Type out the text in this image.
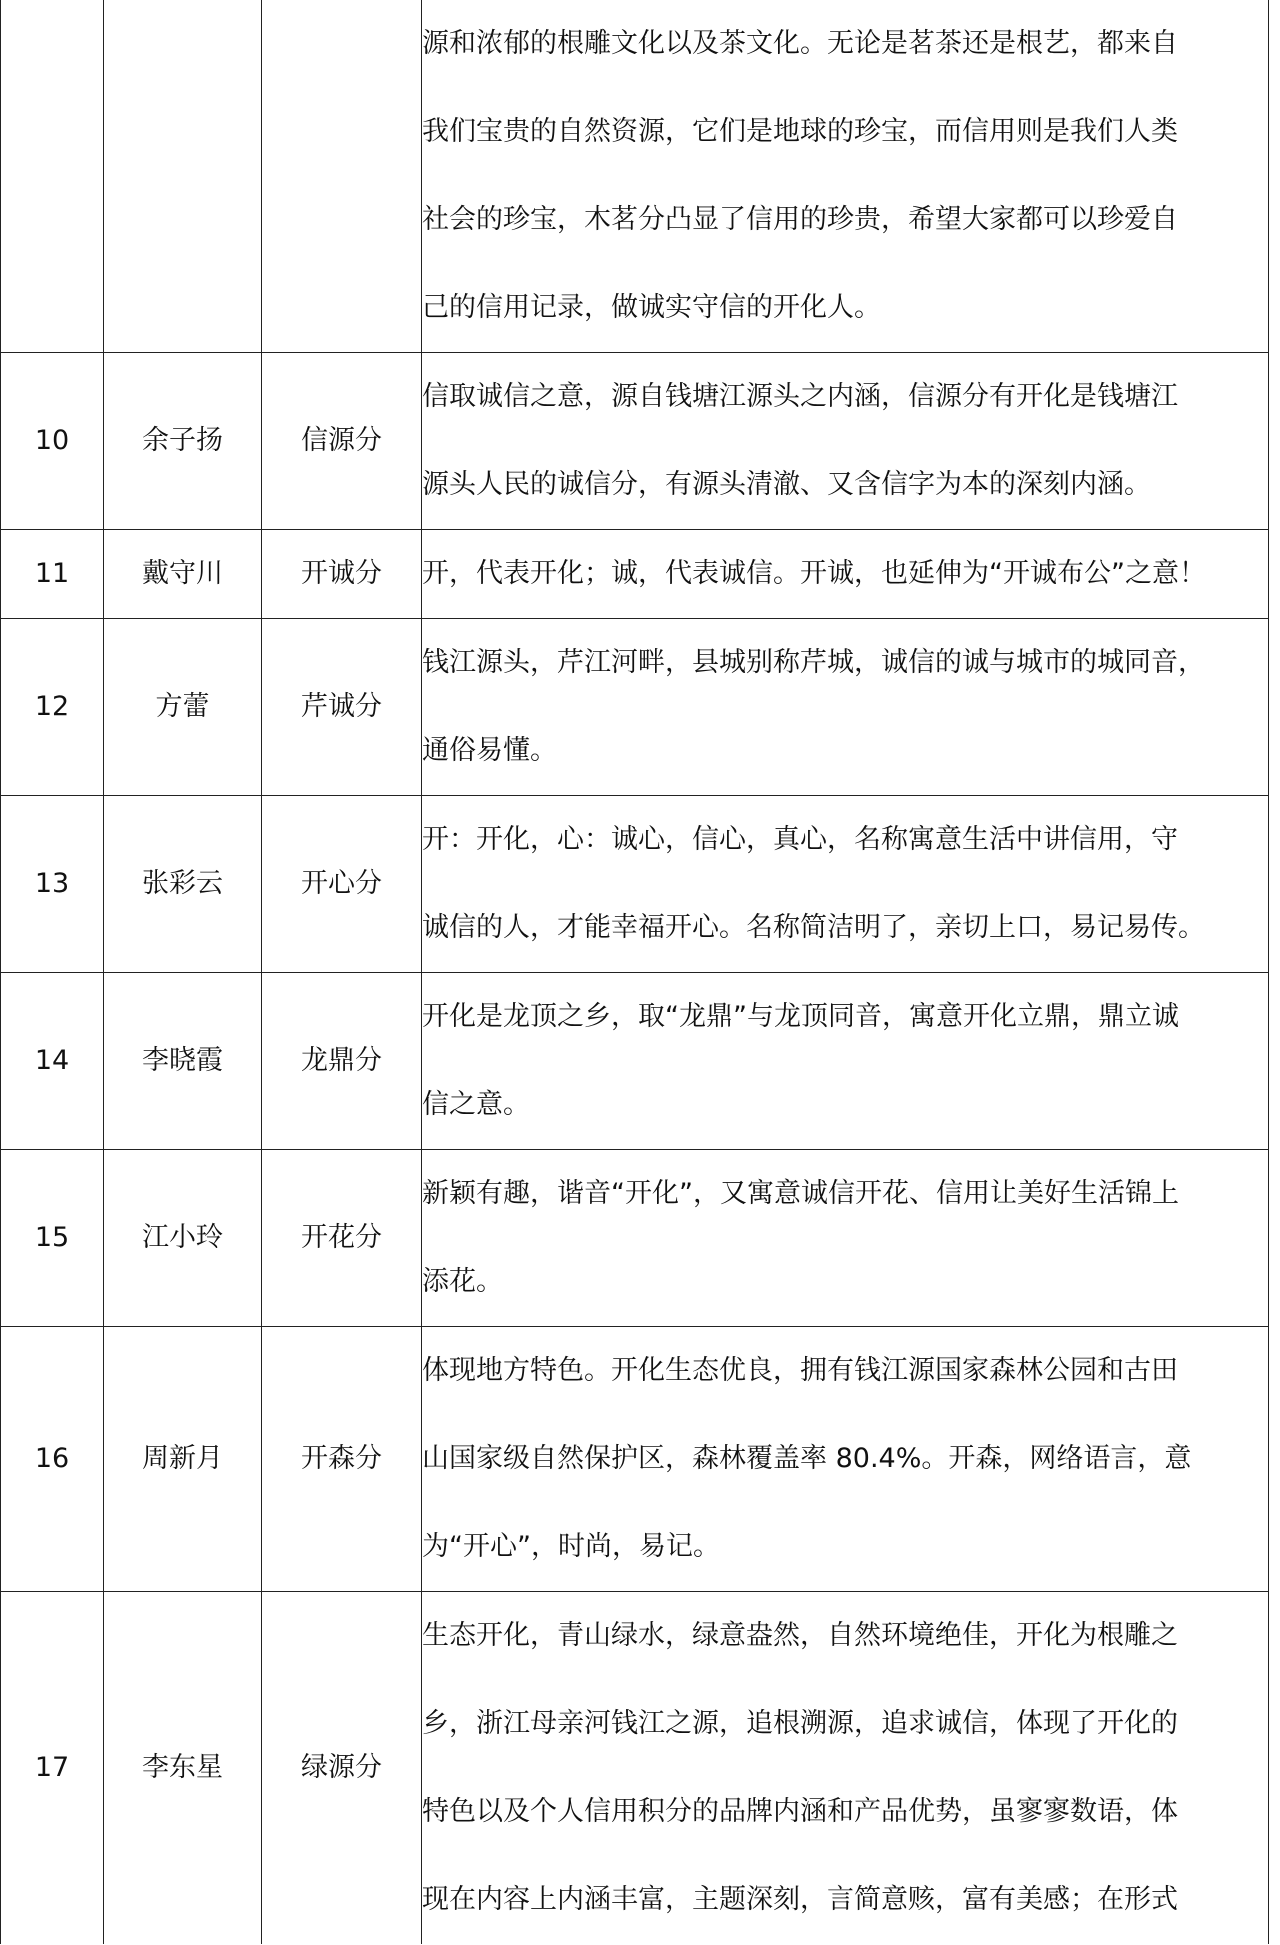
			源和浓郁的根雕文化以及茶文化。无论是茗茶还是根艺，都来自
我们宝贵的自然资源，它们是地球的珍宝，而信用则是我们人类
社会的珍宝，木茗分凸显了信用的珍贵，希望大家都可以珍爱自
己的信用记录，做诚实守信的开化人。

10	余子扬	信源分	信取诚信之意，源自钱塘江源头之内涵，信源分有开化是钱塘江
源头人民的诚信分，有源头清澈、又含信字为本的深刻内涵。

11	戴守川	开诚分	开，代表开化；诚，代表诚信。开诚，也延伸为“开诚布公”之意！

12	方蕾	芹诚分	钱江源头，芹江河畔，县城别称芹城，诚信的诚与城市的城同音，
通俗易懂。

13	张彩云	开心分	开：开化，心：诚心，信心，真心，名称寓意生活中讲信用，守
诚信的人，才能幸福开心。名称简洁明了，亲切上口，易记易传。

14	李晓霞	龙鼎分	开化是龙顶之乡，取“龙鼎”与龙顶同音，寓意开化立鼎，鼎立诚
信之意。

15	江小玲	开花分	新颖有趣，谐音“开化”，又寓意诚信开花、信用让美好生活锦上
添花。

16	周新月	开森分	体现地方特色。开化生态优良，拥有钱江源国家森林公园和古田
山国家级自然保护区，森林覆盖率 80.4%。开森，网络语言，意
为“开心”，时尚，易记。

17	李东星	绿源分	生态开化，青山绿水，绿意盎然，自然环境绝佳，开化为根雕之
乡，浙江母亲河钱江之源，追根溯源，追求诚信，体现了开化的
特色以及个人信用积分的品牌内涵和产品优势，虽寥寥数语，体
现在内容上内涵丰富，主题深刻，言简意赅，富有美感；在形式
